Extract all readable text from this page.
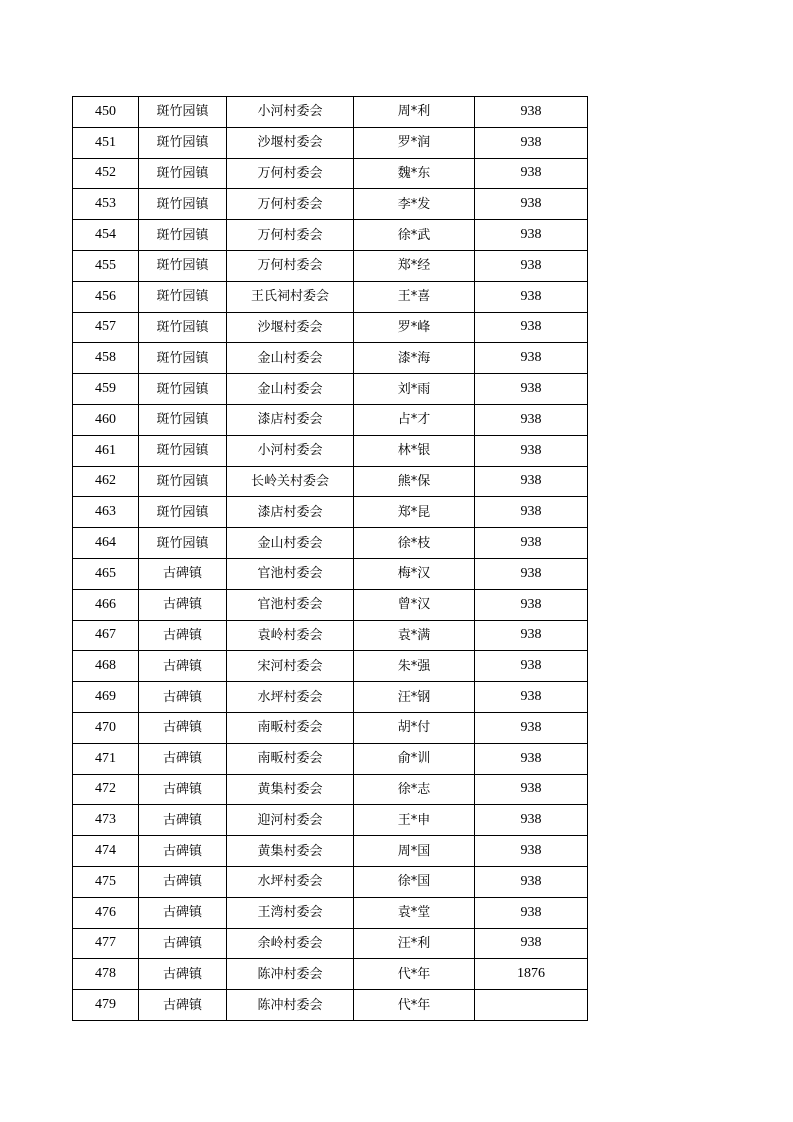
450	斑竹园镇	小河村委会	周*利	938
451	斑竹园镇	沙堰村委会	罗*润	938
452	斑竹园镇	万何村委会	魏*东	938
453	斑竹园镇	万何村委会	李*发	938
454	斑竹园镇	万何村委会	徐*武	938
455	斑竹园镇	万何村委会	郑*经	938
456	斑竹园镇	王氏祠村委会	王*喜	938
457	斑竹园镇	沙堰村委会	罗*峰	938
458	斑竹园镇	金山村委会	漆*海	938
459	斑竹园镇	金山村委会	刘*雨	938
460	斑竹园镇	漆店村委会	占*才	938
461	斑竹园镇	小河村委会	林*银	938
462	斑竹园镇	长岭关村委会	熊*保	938
463	斑竹园镇	漆店村委会	郑*昆	938
464	斑竹园镇	金山村委会	徐*枝	938
465	古碑镇	官池村委会	梅*汉	938
466	古碑镇	官池村委会	曾*汉	938
467	古碑镇	袁岭村委会	袁*满	938
468	古碑镇	宋河村委会	朱*强	938
469	古碑镇	水坪村委会	汪*钢	938
470	古碑镇	南畈村委会	胡*付	938
471	古碑镇	南畈村委会	俞*训	938
472	古碑镇	黄集村委会	徐*志	938
473	古碑镇	迎河村委会	王*申	938
474	古碑镇	黄集村委会	周*国	938
475	古碑镇	水坪村委会	徐*国	938
476	古碑镇	王湾村委会	袁*堂	938
477	古碑镇	余岭村委会	汪*利	938
478	古碑镇	陈冲村委会	代*年	1876
479	古碑镇	陈冲村委会	代*年	
